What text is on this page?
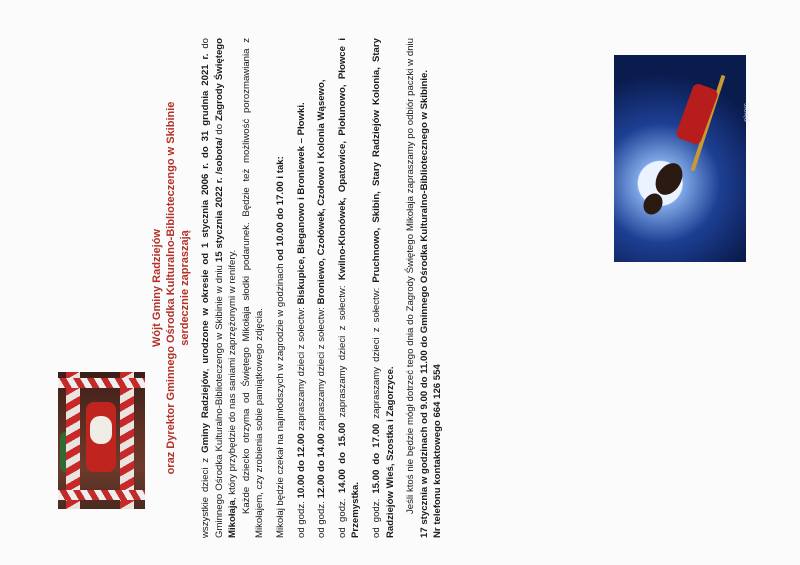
Wójt Gminy Radziejów oraz Dyrektor Gminnego Ośrodka Kulturalno-Biblioteczengo w Skibinie serdecznie zapraszają

wszystkie dzieci z Gminy Radziejów, urodzone w okresie od 1 stycznia 2006 r. do 31 grudnia 2021 r. do Gminnego Ośrodka Kulturalno-Biblioteczengo w Skibinie w dniu 15 stycznia 2022 r. /sobota/ do Zagrody Świętego Mikołaja, który przybędzie do nas saniami zaprzężonymi w renifery. Każde dziecko otrzyma od Świętego Mikołaja słodki podarunek. Będzie też możliwość porozmawiania z Mikołajem, czy zrobienia sobie pamiątkowego zdjęcia. Mikołaj będzie czekał na najmłodszych w zagrodzie w godzinach od 10.00 do 17.00 i tak:

od godz. 10.00 do 12.00 zapraszamy dzieci z sołectw: Biskupice, Bieganowo i Broniewek – Płowki.

od godz. 12.00 do 14.00 zapraszamy dzieci z sołectw: Broniewo, Czołówek, Czołowo i Kolonia Wąsewo,

od godz. 14.00 do 15.00 zapraszamy dzieci z sołectw: Kwilno-Klonówek, Opatowice, Piołunowo, Płowce i Przemystka. od godz. 15.00 do 17.00 zapraszamy dzieci z sołectw: Pruchnowo, Skibin, Stary Radziejów Kolonia, Stary Radziejów Wieś, Szostka i Zagorzyce. Jeśli ktoś nie będzie mógł dotrzeć tego dnia do Zagrody Świętego Mikołaja zapraszamy po odbiór paczki w dniu 17 stycznia w godzinach od 9.00 do 11.00 do Gminnego Ośrodka Kulturalno-Bibliotecznego w Skibinie. Nr telefonu kontaktowego 664 126 554

pixers
